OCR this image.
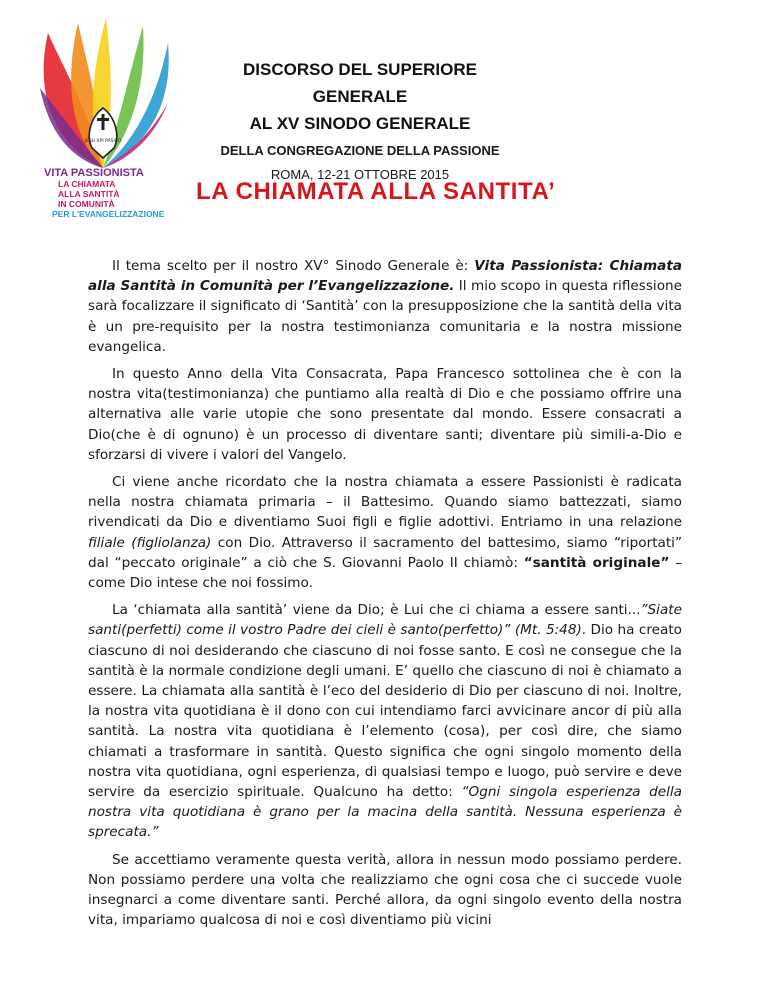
JESU XPI PASSIO
VITA PASSIONISTA
LA CHIAMATA
ALLA SANTITÀ
IN COMUNITÀ
PER L'EVANGELIZZAZIONE
DISCORSO DEL SUPERIORE GENERALE
AL XV SINODO GENERALE
DELLA CONGREGAZIONE DELLA PASSIONE
ROMA, 12-21 OTTOBRE 2015
LA CHIAMATA ALLA SANTITA’

Il tema scelto per il nostro XV° Sinodo Generale è: Vita Passionista: Chiamata alla Santità in Comunità per l’Evangelizzazione. Il mio scopo in questa riflessione sarà focalizzare il significato di ‘Santità’ con la presupposizione che la santità della vita è un pre-requisito per la nostra testimonianza comunitaria e la nostra missione evangelica.

In questo Anno della Vita Consacrata, Papa Francesco sottolinea che è con la nostra vita(testimonianza) che puntiamo alla realtà di Dio e che possiamo offrire una alternativa alle varie utopie che sono presentate dal mondo. Essere consacrati a Dio(che è di ognuno) è un processo di diventare santi; diventare più simili-a-Dio e sforzarsi di vivere i valori del Vangelo.

Ci viene anche ricordato che la nostra chiamata a essere Passionisti è radicata nella nostra chiamata primaria – il Battesimo. Quando siamo battezzati, siamo rivendicati da Dio e diventiamo Suoi figli e figlie adottivi. Entriamo in una relazione filiale (figliolanza) con Dio. Attraverso il sacramento del battesimo, siamo “riportati” dal “peccato originale” a ciò che S. Giovanni Paolo II chiamò: “santità originale” – come Dio intese che noi fossimo.

La ‘chiamata alla santità’ viene da Dio; è Lui che ci chiama a essere santi...”Siate santi(perfetti) come il vostro Padre dei cieli è santo(perfetto)” (Mt. 5:48). Dio ha creato ciascuno di noi desiderando che ciascuno di noi fosse santo. E così ne consegue che la santità è la normale condizione degli umani. E’ quello che ciascuno di noi è chiamato a essere. La chiamata alla santità è l’eco del desiderio di Dio per ciascuno di noi. Inoltre, la nostra vita quotidiana è il dono con cui intendiamo farci avvicinare ancor di più alla santità. La nostra vita quotidiana è l’elemento (cosa), per così dire, che siamo chiamati a trasformare in santità. Questo significa che ogni singolo momento della nostra vita quotidiana, ogni esperienza, di qualsiasi tempo e luogo, può servire e deve servire da esercizio spirituale. Qualcuno ha detto: “Ogni singola esperienza della nostra vita quotidiana è grano per la macina della santità. Nessuna esperienza è sprecata.”

Se accettiamo veramente questa verità, allora in nessun modo possiamo perdere. Non possiamo perdere una volta che realizziamo che ogni cosa che ci succede vuole insegnarci a come diventare santi. Perché allora, da ogni singolo evento della nostra vita, impariamo qualcosa di noi e così diventiamo più vicini
